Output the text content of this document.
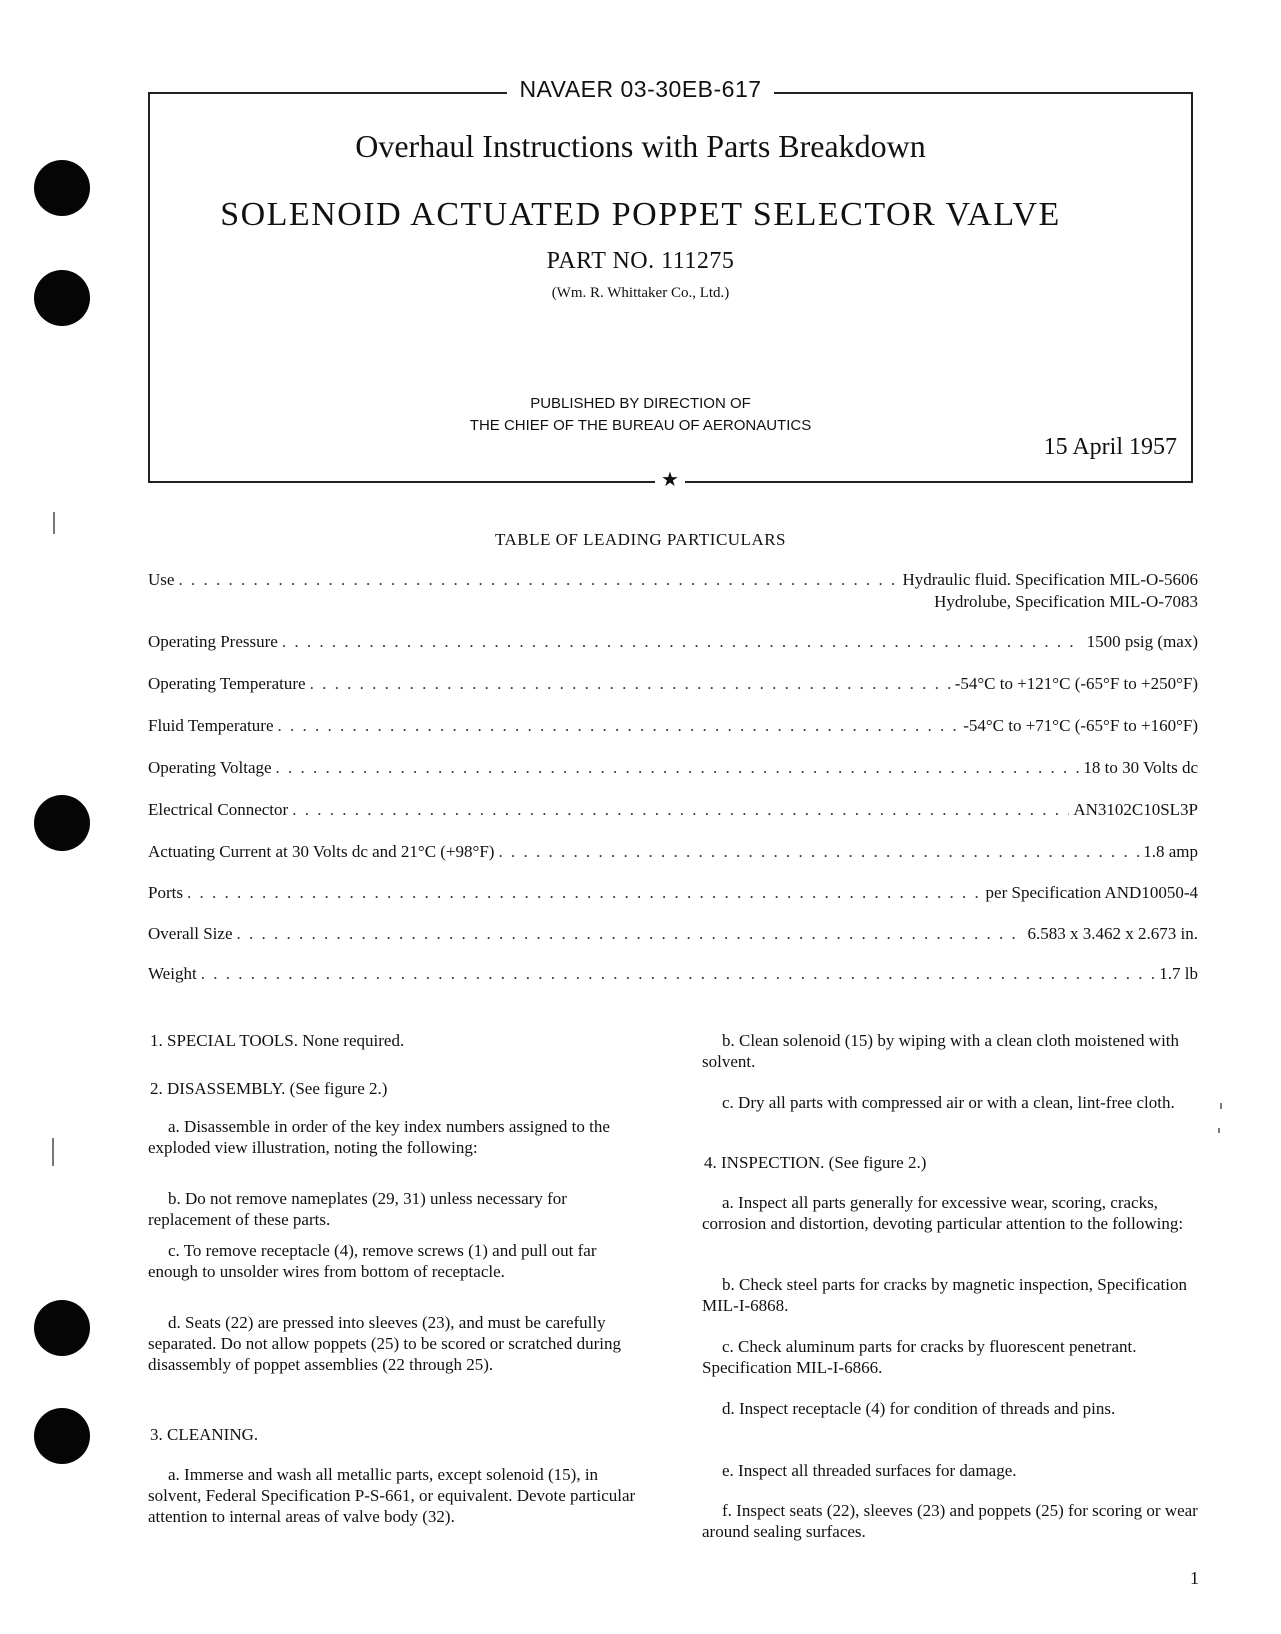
NAVAER 03-30EB-617
★
Overhaul Instructions with Parts Breakdown
SOLENOID ACTUATED POPPET SELECTOR VALVE
PART NO. 111275
(Wm. R. Whittaker Co., Ltd.)
PUBLISHED BY DIRECTION OF
THE CHIEF OF THE BUREAU OF AERONAUTICS
15 April 1957
TABLE OF LEADING PARTICULARS
Use . . .	Hydraulic fluid. Specification MIL-O-5606
Hydrolube, Specification MIL-O-7083
Operating Pressure . . .	1500 psig (max)
Operating Temperature . . .	-54°C to +121°C (-65°F to +250°F)
Fluid Temperature . . .	-54°C to +71°C (-65°F to +160°F)
Operating Voltage . . .	18 to 30 Volts dc
Electrical Connector . . .	AN3102C10SL3P
Actuating Current at 30 Volts dc and 21°C (+98°F) . . .	1.8 amp
Ports . . .	per Specification AND10050-4
Overall Size . . .	6.583 x 3.462 x 2.673 in.
Weight . . .	1.7 lb
1. SPECIAL TOOLS. None required.
2. DISASSEMBLY. (See figure 2.)
a. Disassemble in order of the key index numbers assigned to the exploded view illustration, noting the following:
b. Do not remove nameplates (29, 31) unless necessary for replacement of these parts.
c. To remove receptacle (4), remove screws (1) and pull out far enough to unsolder wires from bottom of receptacle.
d. Seats (22) are pressed into sleeves (23), and must be carefully separated. Do not allow poppets (25) to be scored or scratched during disassembly of poppet assemblies (22 through 25).
3. CLEANING.
a. Immerse and wash all metallic parts, except solenoid (15), in solvent, Federal Specification P-S-661, or equivalent. Devote particular attention to internal areas of valve body (32).
b. Clean solenoid (15) by wiping with a clean cloth moistened with solvent.
c. Dry all parts with compressed air or with a clean, lint-free cloth.
4. INSPECTION. (See figure 2.)
a. Inspect all parts generally for excessive wear, scoring, cracks, corrosion and distortion, devoting particular attention to the following:
b. Check steel parts for cracks by magnetic inspection, Specification MIL-I-6868.
c. Check aluminum parts for cracks by fluorescent penetrant. Specification MIL-I-6866.
d. Inspect receptacle (4) for condition of threads and pins.
e. Inspect all threaded surfaces for damage.
f. Inspect seats (22), sleeves (23) and poppets (25) for scoring or wear around sealing surfaces.
1
